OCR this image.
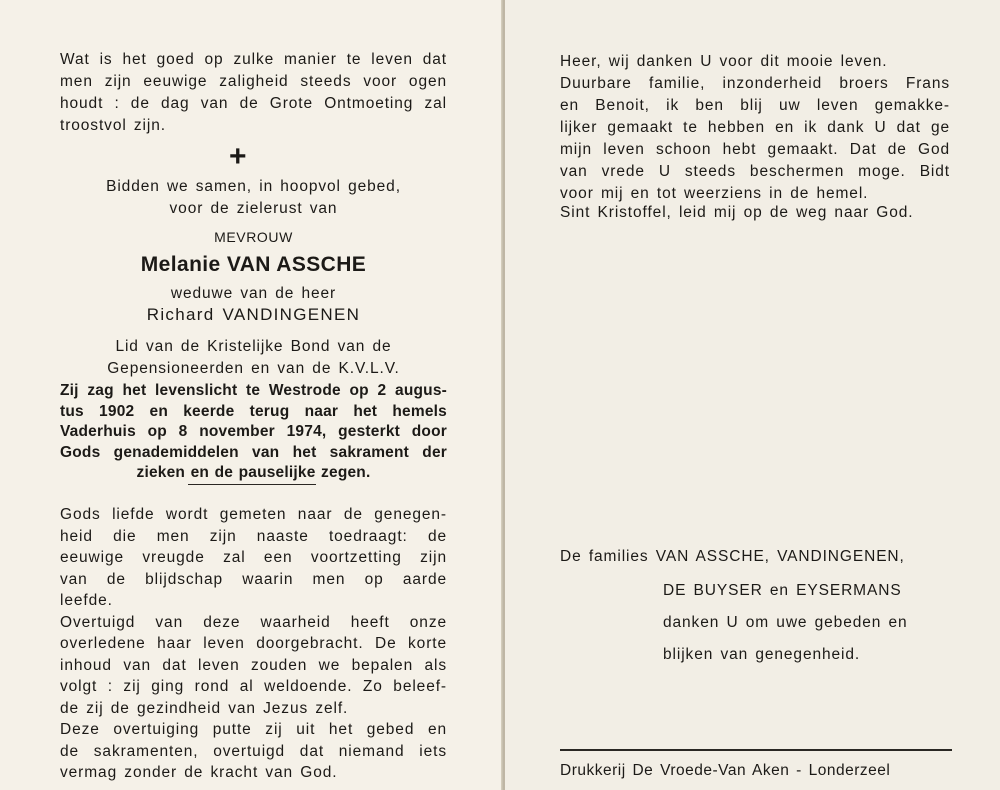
Wat is het goed op zulke manier te leven dat
men zijn eeuwige zaligheid steeds voor ogen
houdt : de dag van de Grote Ontmoeting zal
troostvol zijn.
+
Bidden we samen, in hoopvol gebed,
voor de zielerust van
MEVROUW
Melanie VAN ASSCHE
weduwe van de heer
Richard VANDINGENEN
Lid van de Kristelijke Bond van de
Gepensioneerden en van de K.V.L.V.
Zij zag het levenslicht te Westrode op 2 augus-
tus 1902 en keerde terug naar het hemels
Vaderhuis op 8 november 1974, gesterkt door
Gods genademiddelen van het sakrament der
zieken en de pauselijke zegen.
Gods liefde wordt gemeten naar de genegen-
heid die men zijn naaste toedraagt: de
eeuwige vreugde zal een voortzetting zijn
van de blijdschap waarin men op aarde
leefde.
Overtuigd van deze waarheid heeft onze
overledene haar leven doorgebracht. De korte
inhoud van dat leven zouden we bepalen als
volgt : zij ging rond al weldoende. Zo beleef-
de zij de gezindheid van Jezus zelf.
Deze overtuiging putte zij uit het gebed en
de sakramenten, overtuigd dat niemand iets
vermag zonder de kracht van God.
Heer, wij danken U voor dit mooie leven.
Duurbare familie, inzonderheid broers Frans
en Benoit, ik ben blij uw leven gemakke-
lijker gemaakt te hebben en ik dank U dat ge
mijn leven schoon hebt gemaakt. Dat de God
van vrede U steeds beschermen moge. Bidt
voor mij en tot weerziens in de hemel.
Sint Kristoffel, leid mij op de weg naar God.
De families VAN ASSCHE, VANDINGENEN,
DE BUYSER en EYSERMANS
danken U om uwe gebeden en
blijken van genegenheid.
Drukkerij De Vroede-Van Aken - Londerzeel
